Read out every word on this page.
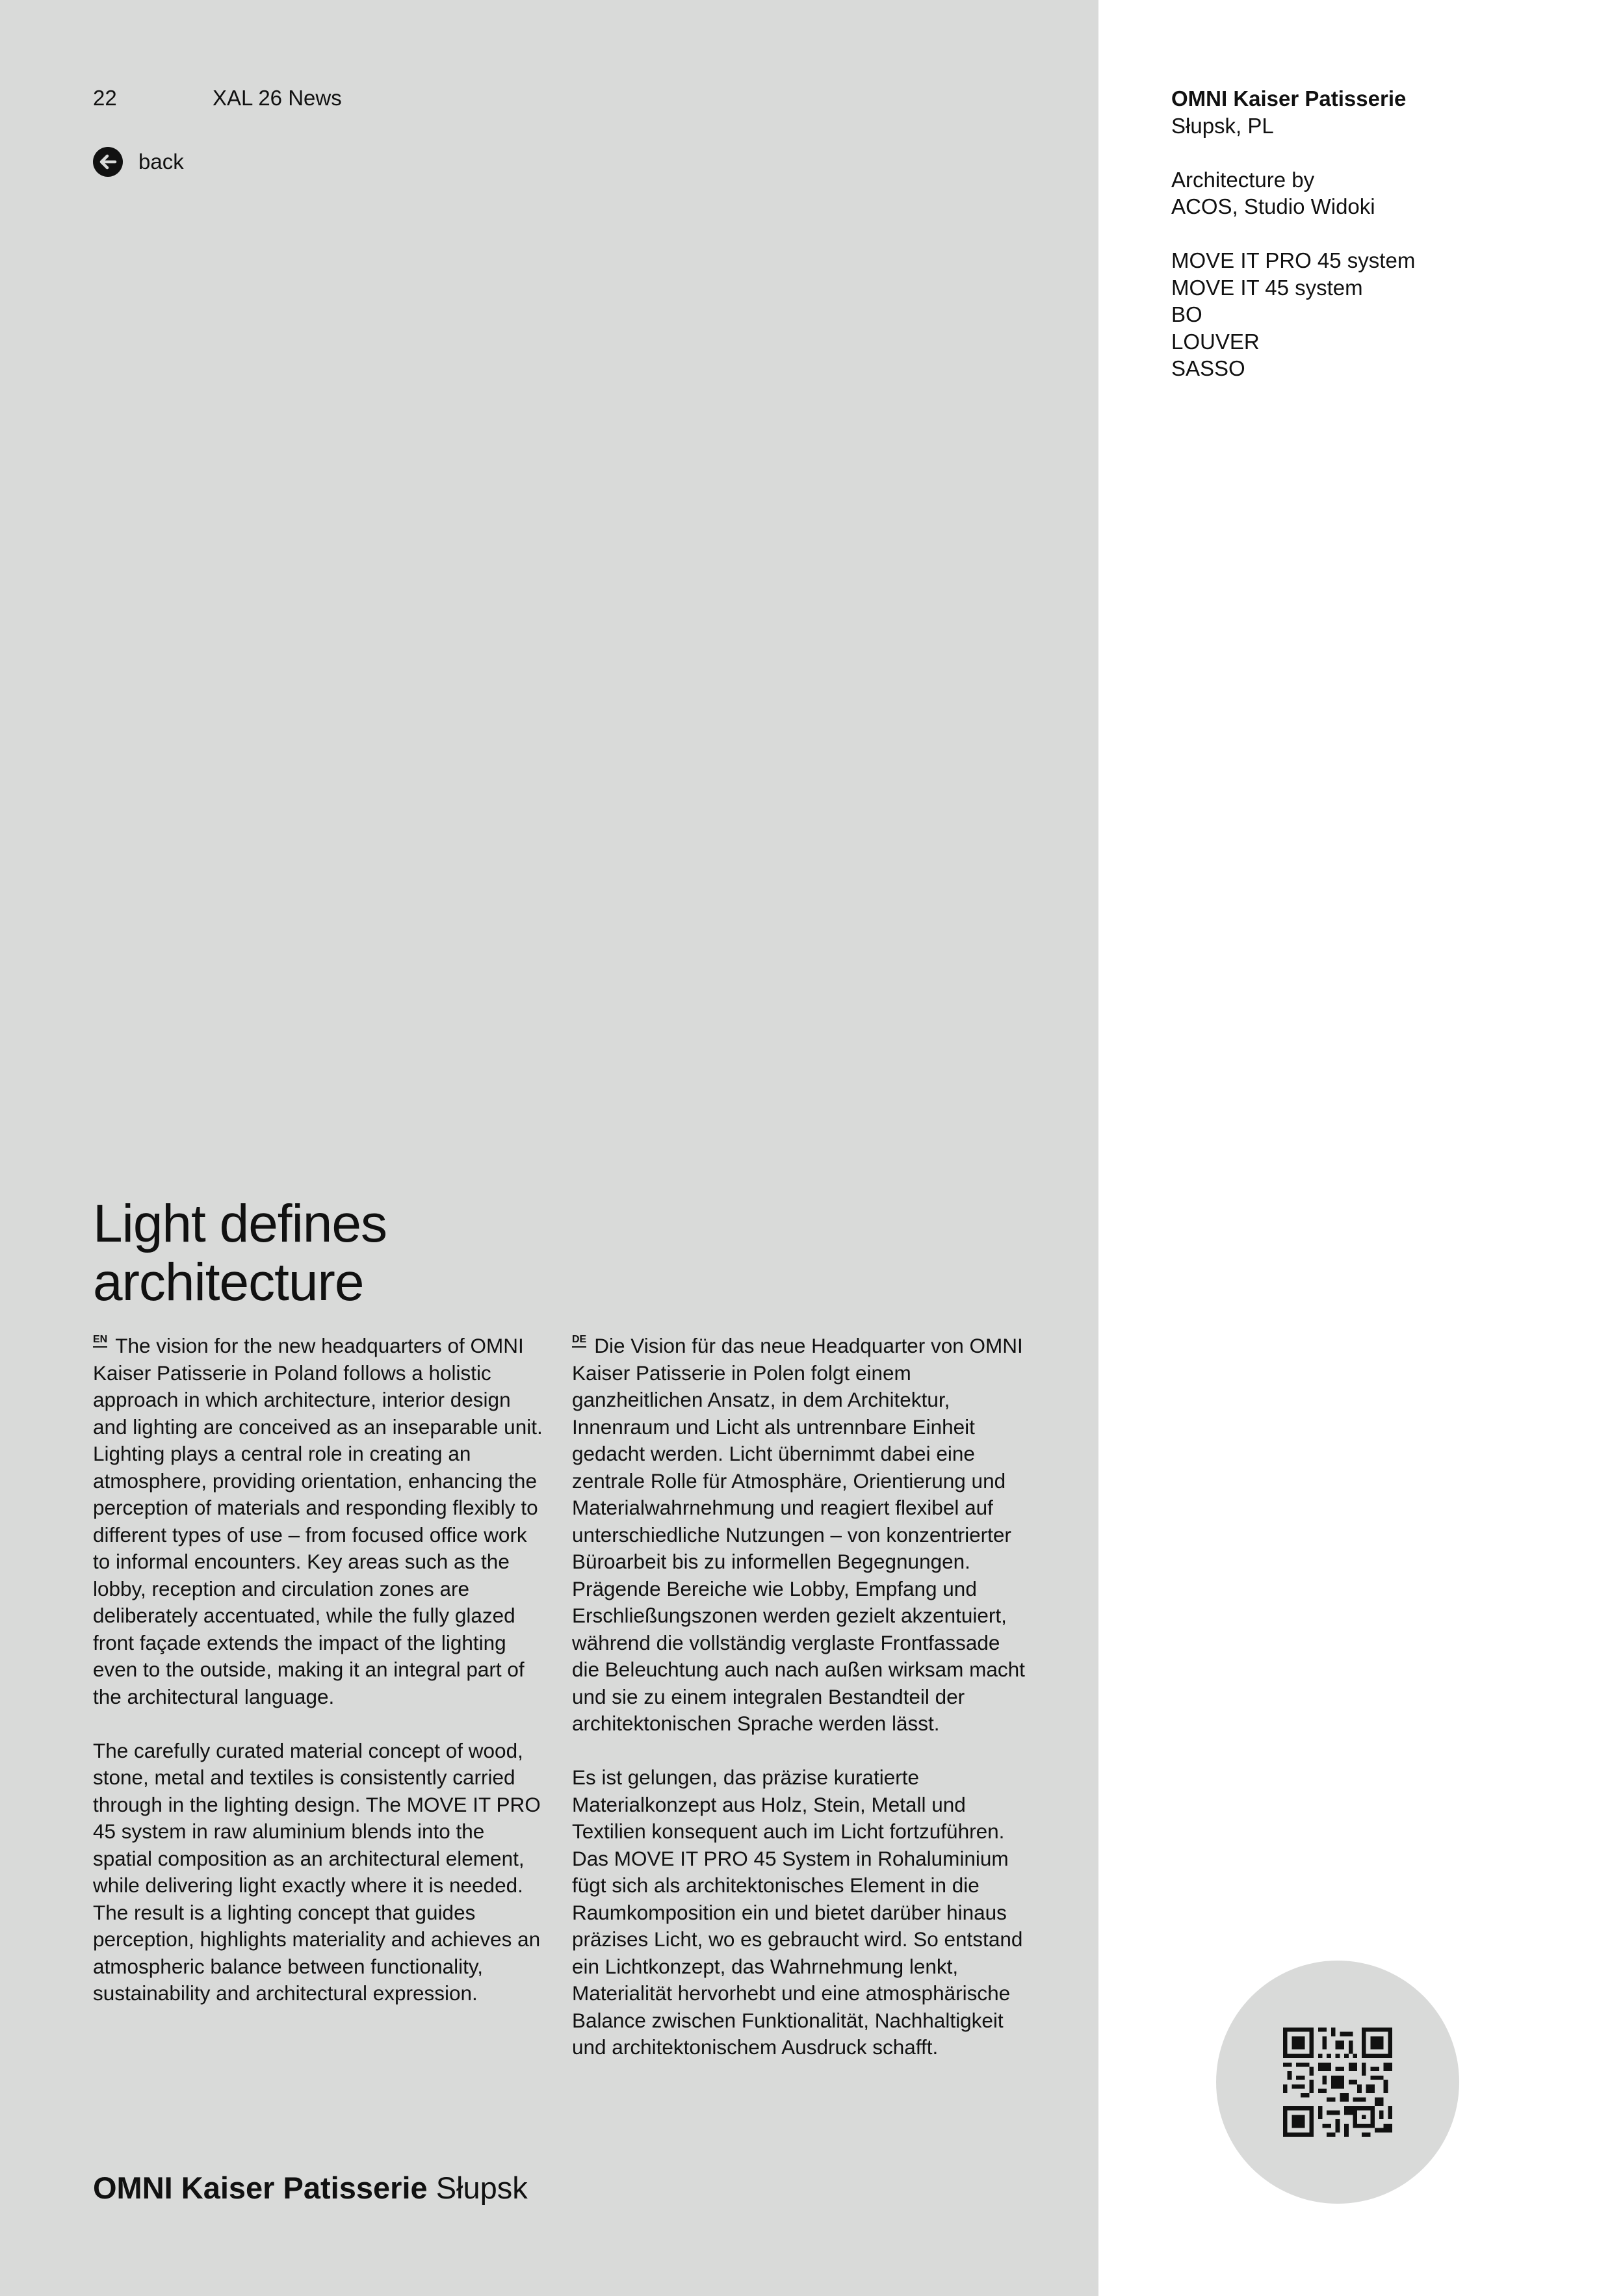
22	XAL 26 News
back
Light defines
architecture

EN The vision for the new headquarters of OMNI Kaiser Patisserie in Poland follows a holistic approach in which architecture, interior design and lighting are conceived as an inseparable unit. Lighting plays a central role in creating an atmosphere, providing orientation, enhancing the perception of materials and responding flexibly to different types of use – from focused office work to informal encounters. Key areas such as the lobby, reception and circulation zones are deliberately accentuated, while the fully glazed front façade extends the impact of the lighting even to the outside, making it an integral part of the architectural language.

The carefully curated material concept of wood, stone, metal and textiles is consistently carried through in the lighting design. The MOVE IT PRO 45 system in raw aluminium blends into the spatial composition as an architectural element, while delivering light exactly where it is needed. The result is a lighting concept that guides perception, highlights materiality and achieves an atmospheric balance between functionality, sustainability and architectural expression.

DE Die Vision für das neue Headquarter von OMNI Kaiser Patisserie in Polen folgt einem ganzheitlichen Ansatz, in dem Architektur, Innenraum und Licht als untrennbare Einheit gedacht werden. Licht übernimmt dabei eine zentrale Rolle für Atmosphäre, Orientierung und Materialwahrnehmung und reagiert flexibel auf unterschiedliche Nutzungen – von konzentrierter Büroarbeit bis zu informellen Begegnungen. Prägende Bereiche wie Lobby, Empfang und Erschließungszonen werden gezielt akzentuiert, während die vollständig verglaste Frontfassade die Beleuchtung auch nach außen wirksam macht und sie zu einem integralen Bestandteil der architektonischen Sprache werden lässt.

Es ist gelungen, das präzise kuratierte Materialkonzept aus Holz, Stein, Metall und Textilien konsequent auch im Licht fortzuführen. Das MOVE IT PRO 45 System in Rohaluminium fügt sich als architektonisches Element in die Raumkomposition ein und bietet darüber hinaus präzises Licht, wo es gebraucht wird. So entstand ein Lichtkonzept, das Wahrnehmung lenkt, Materialität hervorhebt und eine atmosphärische Balance zwischen Funktionalität, Nachhaltigkeit und architektonischem Ausdruck schafft.

OMNI Kaiser Patisserie Słupsk
OMNI Kaiser Patisserie
Słupsk, PL
Architecture by
ACOS, Studio Widoki
MOVE IT PRO 45 system
MOVE IT 45 system
BO
LOUVER
SASSO
